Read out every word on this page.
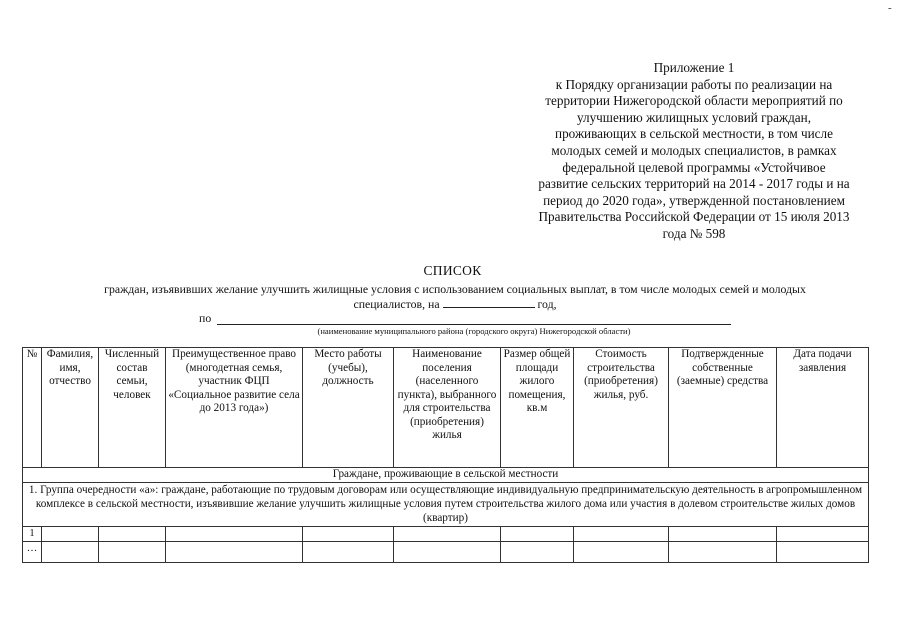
-
Приложение 1
к Порядку организации работы по реализации на
территории Нижегородской области мероприятий по
улучшению жилищных условий граждан,
проживающих в сельской местности, в том числе
молодых семей и молодых специалистов, в рамках
федеральной целевой программы «Устойчивое
развитие сельских территорий на 2014 - 2017 годы и на
период до 2020 года», утвержденной постановлением
Правительства Российской Федерации от 15 июля 2013
года № 598
СПИСОК
граждан, изъявивших желание улучшить жилищные условия с использованием социальных выплат, в том числе молодых семей и молодых
специалистов, на	год,
по
(наименование муниципального района (городского округа) Нижегородской области)
№	Фамилия, имя, отчество	Численный состав семьи, человек	Преимущественное право (многодетная семья, участник ФЦП «Социальное развитие села до 2013 года»)	Место работы (учебы), должность	Наименование поселения (населенного пункта), выбранного для строительства (приобретения) жилья	Размер общей площади жилого помещения, кв.м	Стоимость строительства (приобретения) жилья, руб.	Подтвержденные собственные (заемные) средства	Дата подачи заявления
Граждане, проживающие в сельской местности									
1. Группа очередности «а»: граждане, работающие по трудовым договорам или осуществляющие индивидуальную предпринимательскую деятельность в агропромышленном комплексе в сельской местности, изъявившие желание улучшить жилищные условия путем строительства жилого дома или участия в долевом строительстве жилых домов (квартир)									
1									
…									
